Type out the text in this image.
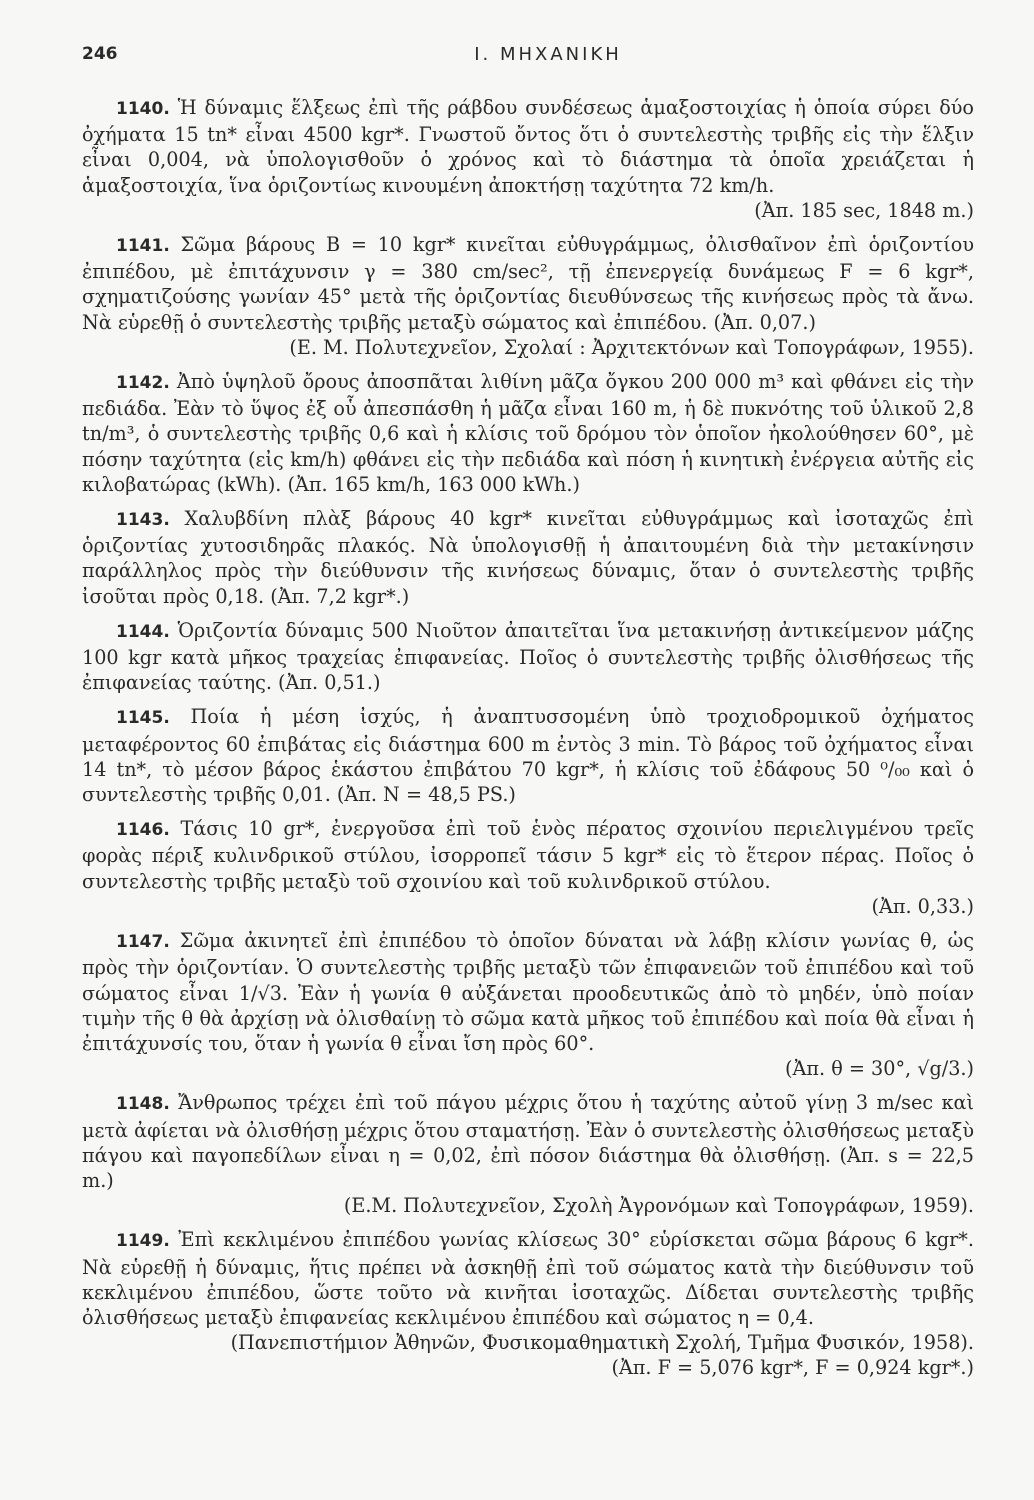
246	I. ΜΗΧΑΝΙΚΗ

1140. Ἡ δύναμις ἕλξεως ἐπὶ τῆς ράβδου συνδέσεως ἁμαξοστοιχίας ἡ ὁποία σύρει δύο ὀχήματα 15 tn* εἶναι 4500 kgr*. Γνωστοῦ ὄντος ὅτι ὁ συντελεστὴς τριβῆς εἰς τὴν ἕλξιν εἶναι 0,004, νὰ ὑπολογισθοῦν ὁ χρόνος καὶ τὸ διάστημα τὰ ὁποῖα χρειάζεται ἡ ἁμαξοστοιχία, ἵνα ὁριζοντίως κινουμένη ἀποκτήσῃ ταχύτητα 72 km/h.
(Ἀπ. 185 sec, 1848 m.)

1141. Σῶμα βάρους B = 10 kgr* κινεῖται εὐθυγράμμως, ὀλισθαῖνον ἐπὶ ὁριζοντίου ἐπιπέδου, μὲ ἐπιτάχυνσιν γ = 380 cm/sec², τῇ ἐπενεργείᾳ δυνάμεως F = 6 kgr*, σχηματιζούσης γωνίαν 45° μετὰ τῆς ὁριζοντίας διευθύνσεως τῆς κινήσεως πρὸς τὰ ἄνω. Νὰ εὑρεθῇ ὁ συντελεστὴς τριβῆς μεταξὺ σώματος καὶ ἐπιπέδου. (Ἀπ. 0,07.)
(E. M. Πολυτεχνεῖον, Σχολαί : Ἀρχιτεκτόνων καὶ Τοπογράφων, 1955).

1142. Ἀπὸ ὑψηλοῦ ὄρους ἀποσπᾶται λιθίνη μᾶζα ὄγκου 200 000 m³ καὶ φθάνει εἰς τὴν πεδιάδα. Ἐὰν τὸ ὕψος ἐξ οὗ ἀπεσπάσθη ἡ μᾶζα εἶναι 160 m, ἡ δὲ πυκνότης τοῦ ὑλικοῦ 2,8 tn/m³, ὁ συντελεστὴς τριβῆς 0,6 καὶ ἡ κλίσις τοῦ δρόμου τὸν ὁποῖον ἠκολούθησεν 60°, μὲ πόσην ταχύτητα (εἰς km/h) φθάνει εἰς τὴν πεδιάδα καὶ πόση ἡ κινητικὴ ἐνέργεια αὐτῆς εἰς κιλοβατώρας (kWh). (Ἀπ. 165 km/h, 163 000 kWh.)

1143. Χαλυβδίνη πλὰξ βάρους 40 kgr* κινεῖται εὐθυγράμμως καὶ ἰσοταχῶς ἐπὶ ὁριζοντίας χυτοσιδηρᾶς πλακός. Νὰ ὑπολογισθῇ ἡ ἀπαιτουμένη διὰ τὴν μετακίνησιν παράλληλος πρὸς τὴν διεύθυνσιν τῆς κινήσεως δύναμις, ὅταν ὁ συντελεστὴς τριβῆς ἰσοῦται πρὸς 0,18. (Ἀπ. 7,2 kgr*.)

1144. Ὁριζοντία δύναμις 500 Νιοῦτον ἀπαιτεῖται ἵνα μετακινήσῃ ἀντικείμενον μάζης 100 kgr κατὰ μῆκος τραχείας ἐπιφανείας. Ποῖος ὁ συντελεστὴς τριβῆς ὀλισθήσεως τῆς ἐπιφανείας ταύτης. (Ἀπ. 0,51.)

1145. Ποία ἡ μέση ἰσχύς, ἡ ἀναπτυσσομένη ὑπὸ τροχιοδρομικοῦ ὀχήματος μεταφέροντος 60 ἐπιβάτας εἰς διάστημα 600 m ἐντὸς 3 min. Τὸ βάρος τοῦ ὀχήματος εἶναι 14 tn*, τὸ μέσον βάρος ἑκάστου ἐπιβάτου 70 kgr*, ἡ κλίσις τοῦ ἐδάφους 50 ⁰/₀₀ καὶ ὁ συντελεστὴς τριβῆς 0,01. (Ἀπ. N = 48,5 PS.)

1146. Τάσις 10 gr*, ἐνεργοῦσα ἐπὶ τοῦ ἑνὸς πέρατος σχοινίου περιελιγμένου τρεῖς φορὰς πέριξ κυλινδρικοῦ στύλου, ἰσορροπεῖ τάσιν 5 kgr* εἰς τὸ ἕτερον πέρας. Ποῖος ὁ συντελεστὴς τριβῆς μεταξὺ τοῦ σχοινίου καὶ τοῦ κυλινδρικοῦ στύλου.
(Ἀπ. 0,33.)

1147. Σῶμα ἀκινητεῖ ἐπὶ ἐπιπέδου τὸ ὁποῖον δύναται νὰ λάβῃ κλίσιν γωνίας θ, ὡς πρὸς τὴν ὁριζοντίαν. Ὁ συντελεστὴς τριβῆς μεταξὺ τῶν ἐπιφανειῶν τοῦ ἐπιπέδου καὶ τοῦ σώματος εἶναι 1/√3. Ἐὰν ἡ γωνία θ αὐξάνεται προοδευτικῶς ἀπὸ τὸ μηδέν, ὑπὸ ποίαν τιμὴν τῆς θ θὰ ἀρχίσῃ νὰ ὀλισθαίνῃ τὸ σῶμα κατὰ μῆκος τοῦ ἐπιπέδου καὶ ποία θὰ εἶναι ἡ ἐπιτάχυνσίς του, ὅταν ἡ γωνία θ εἶναι ἴση πρὸς 60°.
(Ἀπ. θ = 30°, √g/3.)

1148. Ἄνθρωπος τρέχει ἐπὶ τοῦ πάγου μέχρις ὅτου ἡ ταχύτης αὐτοῦ γίνῃ 3 m/sec καὶ μετὰ ἀφίεται νὰ ὀλισθήσῃ μέχρις ὅτου σταματήσῃ. Ἐὰν ὁ συντελεστὴς ὀλισθήσεως μεταξὺ πάγου καὶ παγοπεδίλων εἶναι η = 0,02, ἐπὶ πόσον διάστημα θὰ ὀλισθήσῃ. (Ἀπ. s = 22,5 m.)
(E.M. Πολυτεχνεῖον, Σχολὴ Ἀγρονόμων καὶ Τοπογράφων, 1959).

1149. Ἐπὶ κεκλιμένου ἐπιπέδου γωνίας κλίσεως 30° εὑρίσκεται σῶμα βάρους 6 kgr*. Νὰ εὑρεθῇ ἡ δύναμις, ἥτις πρέπει νὰ ἀσκηθῇ ἐπὶ τοῦ σώματος κατὰ τὴν διεύθυνσιν τοῦ κεκλιμένου ἐπιπέδου, ὥστε τοῦτο νὰ κινῆται ἰσοταχῶς. Δίδεται συντελεστὴς τριβῆς ὀλισθήσεως μεταξὺ ἐπιφανείας κεκλιμένου ἐπιπέδου καὶ σώματος η = 0,4.
(Πανεπιστήμιον Ἀθηνῶν, Φυσικομαθηματικὴ Σχολή, Τμῆμα Φυσικόν, 1958).
(Ἀπ. F = 5,076 kgr*, F = 0,924 kgr*.)
